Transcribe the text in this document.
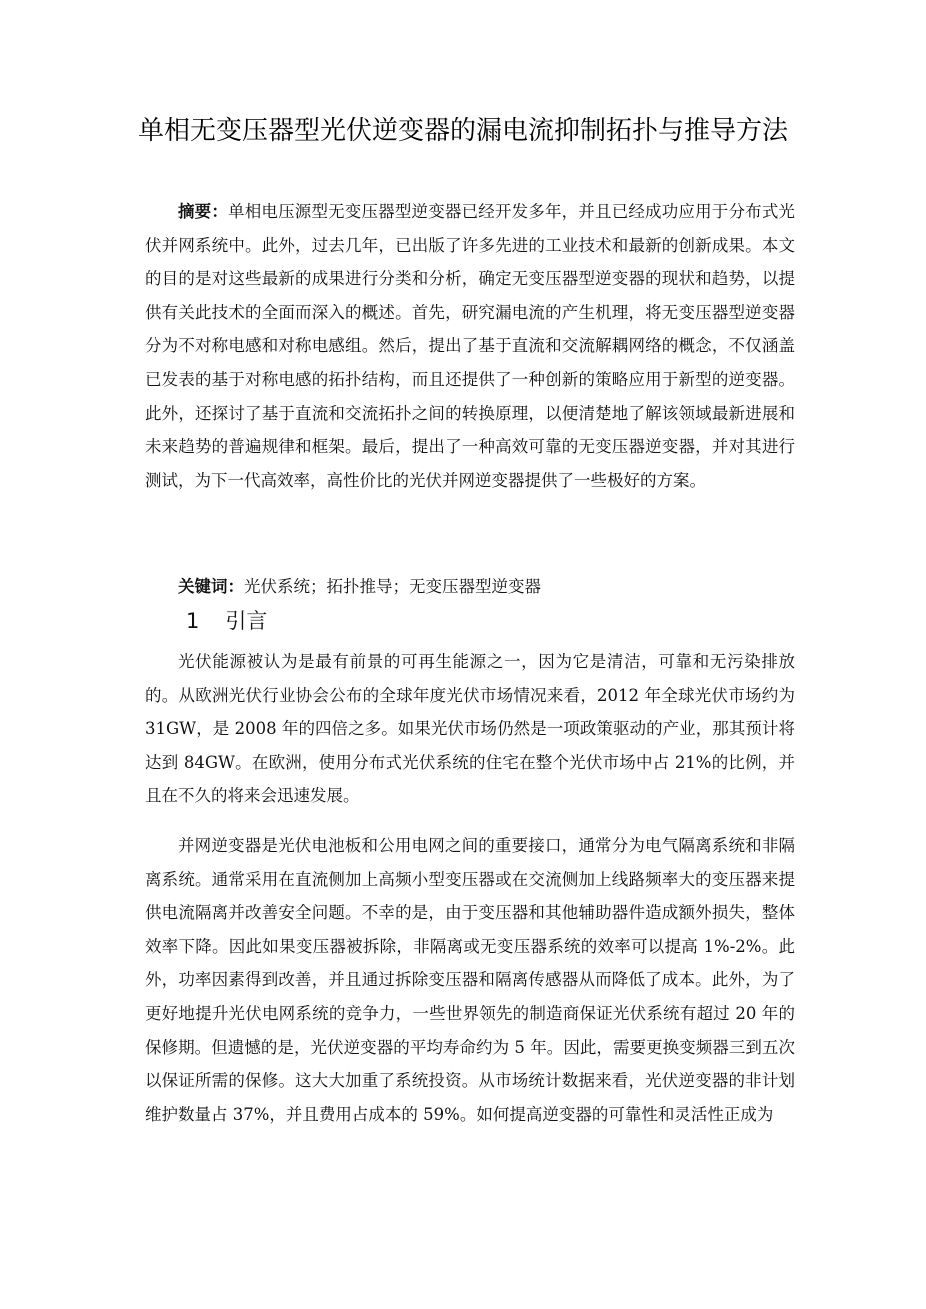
单相无变压器型光伏逆变器的漏电流抑制拓扑与推导方法

摘要：单相电压源型无变压器型逆变器已经开发多年，并且已经成功应用于分布式光伏并网系统中。此外，过去几年，已出版了许多先进的工业技术和最新的创新成果。本文的目的是对这些最新的成果进行分类和分析，确定无变压器型逆变器的现状和趋势，以提供有关此技术的全面而深入的概述。首先，研究漏电流的产生机理，将无变压器型逆变器分为不对称电感和对称电感组。然后，提出了基于直流和交流解耦网络的概念，不仅涵盖已发表的基于对称电感的拓扑结构，而且还提供了一种创新的策略应用于新型的逆变器。此外，还探讨了基于直流和交流拓扑之间的转换原理，以便清楚地了解该领域最新进展和未来趋势的普遍规律和框架。最后，提出了一种高效可靠的无变压器逆变器，并对其进行测试，为下一代高效率，高性价比的光伏并网逆变器提供了一些极好的方案。

关键词：光伏系统；拓扑推导；无变压器型逆变器

1 引言

光伏能源被认为是最有前景的可再生能源之一，因为它是清洁，可靠和无污染排放的。从欧洲光伏行业协会公布的全球年度光伏市场情况来看，2012 年全球光伏市场约为 31GW，是 2008 年的四倍之多。如果光伏市场仍然是一项政策驱动的产业，那其预计将达到 84GW。在欧洲，使用分布式光伏系统的住宅在整个光伏市场中占 21%的比例，并且在不久的将来会迅速发展。

并网逆变器是光伏电池板和公用电网之间的重要接口，通常分为电气隔离系统和非隔离系统。通常采用在直流侧加上高频小型变压器或在交流侧加上线路频率大的变压器来提供电流隔离并改善安全问题。不幸的是，由于变压器和其他辅助器件造成额外损失，整体效率下降。因此如果变压器被拆除，非隔离或无变压器系统的效率可以提高 1%-2%。此外，功率因素得到改善，并且通过拆除变压器和隔离传感器从而降低了成本。此外，为了更好地提升光伏电网系统的竞争力，一些世界领先的制造商保证光伏系统有超过 20 年的保修期。但遗憾的是，光伏逆变器的平均寿命约为 5 年。因此，需要更换变频器三到五次以保证所需的保修。这大大加重了系统投资。从市场统计数据来看，光伏逆变器的非计划维护数量占 37%，并且费用占成本的 59%。如何提高逆变器的可靠性和灵活性正成为
